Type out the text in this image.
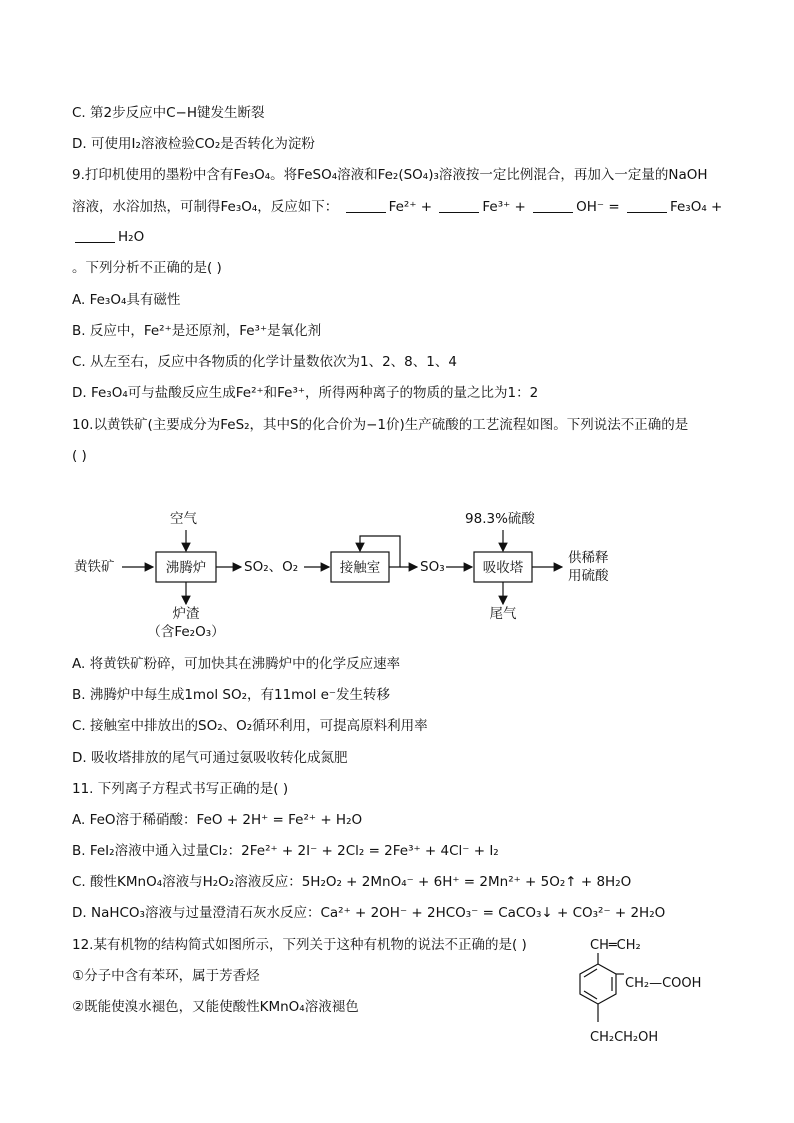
C. 第2步反应中C−H键发生断裂
D. 可使用I₂溶液检验CO₂是否转化为淀粉
9.打印机使用的墨粉中含有Fe₃O₄。将FeSO₄溶液和Fe₂(SO₄)₃溶液按一定比例混合，再加入一定量的NaOH
溶液，水浴加热，可制得Fe₃O₄，反应如下：	Fe²⁺ +	Fe³⁺ +	OH⁻ =	Fe₃O₄ +
H₂O
。下列分析不正确的是( )
A. Fe₃O₄具有磁性
B. 反应中，Fe²⁺是还原剂，Fe³⁺是氧化剂
C. 从左至右，反应中各物质的化学计量数依次为1、2、8、1、4
D. Fe₃O₄可与盐酸反应生成Fe²⁺和Fe³⁺，所得两种离子的物质的量之比为1：2
10.以黄铁矿(主要成分为FeS₂，其中S的化合价为−1价)生产硫酸的工艺流程如图。下列说法不正确的是
( )
黄铁矿
空气
沸腾炉
炉渣
（含Fe₂O₃）
SO₂、O₂	接触室	SO₃
98.3%硫酸
吸收塔
尾气
供稀释
用硫酸
A. 将黄铁矿粉碎，可加快其在沸腾炉中的化学反应速率
B. 沸腾炉中每生成1mol SO₂，有11mol e⁻发生转移
C. 接触室中排放出的SO₂、O₂循环利用，可提高原料利用率
D. 吸收塔排放的尾气可通过氨吸收转化成氮肥
11. 下列离子方程式书写正确的是( )
A. FeO溶于稀硝酸：FeO + 2H⁺ = Fe²⁺ + H₂O
B. FeI₂溶液中通入过量Cl₂：2Fe²⁺ + 2I⁻ + 2Cl₂ = 2Fe³⁺ + 4Cl⁻ + I₂
C. 酸性KMnO₄溶液与H₂O₂溶液反应：5H₂O₂ + 2MnO₄⁻ + 6H⁺ = 2Mn²⁺ + 5O₂↑ + 8H₂O
D. NaHCO₃溶液与过量澄清石灰水反应：Ca²⁺ + 2OH⁻ + 2HCO₃⁻ = CaCO₃↓ + CO₃²⁻ + 2H₂O
12.某有机物的结构简式如图所示，下列关于这种有机物的说法不正确的是( )
①分子中含有苯环，属于芳香烃
②既能使溴水褪色，又能使酸性KMnO₄溶液褪色
CH═CH₂
CH₂—COOH
CH₂CH₂OH
